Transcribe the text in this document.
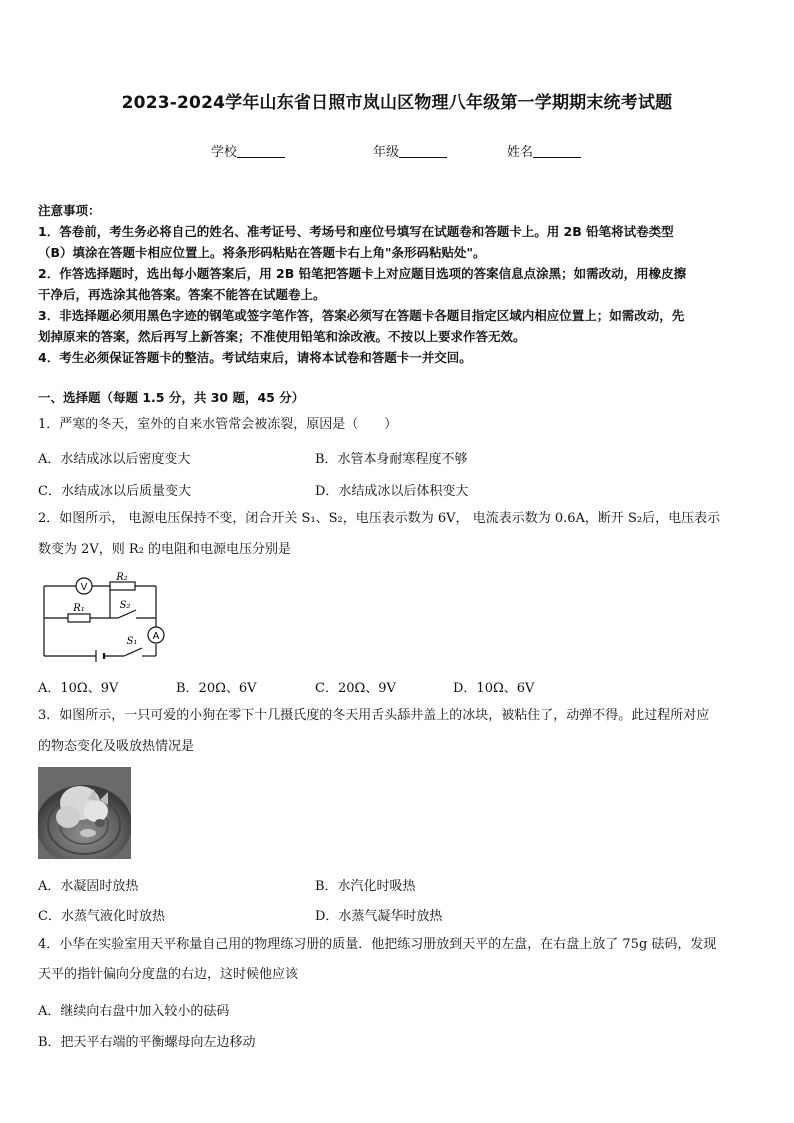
2023-2024学年山东省日照市岚山区物理八年级第一学期期末统考试题
学校	年级	姓名
注意事项：
1．答卷前，考生务必将自己的姓名、准考证号、考场号和座位号填写在试题卷和答题卡上。用 2B 铅笔将试卷类型
（B）填涂在答题卡相应位置上。将条形码粘贴在答题卡右上角"条形码粘贴处"。
2．作答选择题时，选出每小题答案后，用 2B 铅笔把答题卡上对应题目选项的答案信息点涂黑；如需改动，用橡皮擦
干净后，再选涂其他答案。答案不能答在试题卷上。
3．非选择题必须用黑色字迹的钢笔或签字笔作答，答案必须写在答题卡各题目指定区域内相应位置上；如需改动，先
划掉原来的答案，然后再写上新答案；不准使用铅笔和涂改液。不按以上要求作答无效。
4．考生必须保证答题卡的整洁。考试结束后，请将本试卷和答题卡一并交回。
一、选择题（每题 1.5 分，共 30 题，45 分）
1．严寒的冬天，室外的自来水管常会被冻裂，原因是（　　）
A．水结成冰以后密度变大	B．水管本身耐寒程度不够
C．水结成冰以后质量变大	D．水结成冰以后体积变大
2．如图所示， 电源电压保持不变，闭合开关 S₁、S₂，电压表示数为 6V， 电流表示数为 0.6A，断开 S₂后，电压表示
数变为 2V，则 R₂ 的电阻和电源电压分别是
V
A
R₂
R₁	S₂
S₁
A．10Ω、9V	B．20Ω、6V	C．20Ω、9V	D．10Ω、6V
3．如图所示，一只可爱的小狗在零下十几摄氏度的冬天用舌头舔井盖上的冰块，被粘住了，动弹不得。此过程所对应
的物态变化及吸放热情况是
A．水凝固时放热	B．水汽化时吸热
C．水蒸气液化时放热	D．水蒸气凝华时放热
4．小华在实验室用天平称量自己用的物理练习册的质量．他把练习册放到天平的左盘，在右盘上放了 75g 砝码，发现
天平的指针偏向分度盘的右边，这时候他应该
A．继续向右盘中加入较小的砝码
B．把天平右端的平衡螺母向左边移动
